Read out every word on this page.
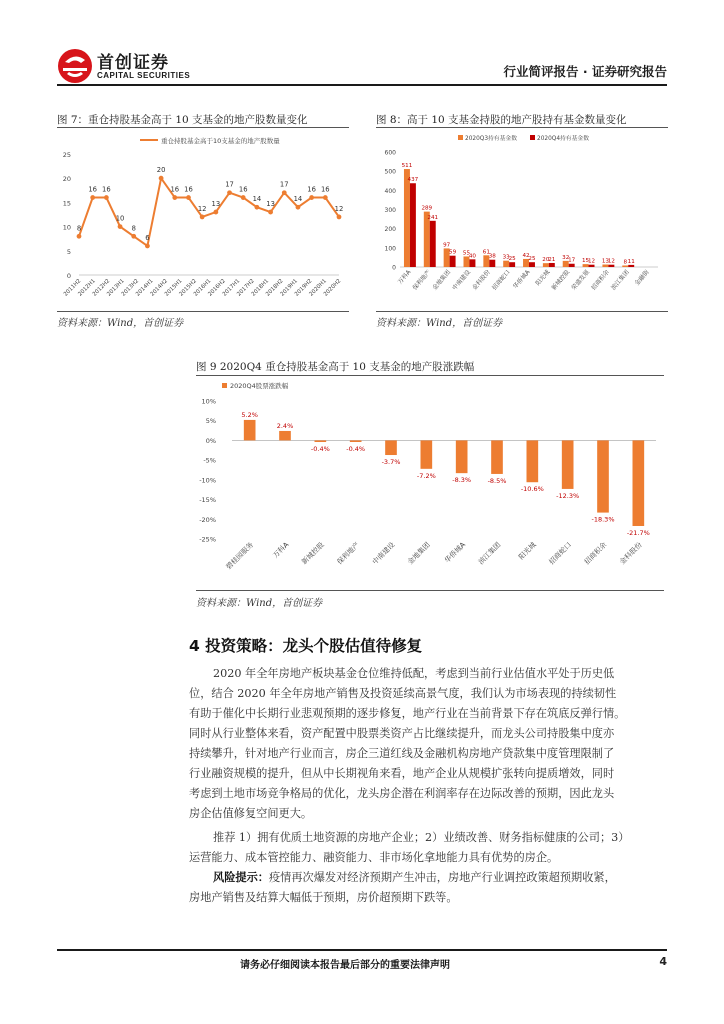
首创证券
CAPITAL SECURITIES	行业简评报告 · 证券研究报告
图 7：重仓持股基金高于 10 支基金的地产股数量变化
重仓持股基金高于10支基金的地产股数量
0
5
10
15
20
25
8
16 16
10
8
6
20
16 16
12
13
17
16
14
13
17
14
16 16
12
2011H2
2012H1
2012H2
2013H1
2013H2
2014H1
2014H2
2015H1
2015H2
2016H1
2016H2
2017H1
2017H2
2018H1
2018H2
2019H1
2019H2
2020H1
2020H2
资料来源：Wind，首创证券
图 8：高于 10 支基金持股的地产股持有基金数量变化
2020Q3持有基金数	2020Q4持有基金数
0
100
200
300
400
500
600
511
437
289
241
97
59 55
40
61
38 33
25
42
25 20
21 32
17 15
12 13
12 8 11
万科A 保利地产 金地集团 中南建设 金科股份 招商蛇口 华侨城A 阳光城 新城控股 荣盛发展 招商积余 滨江集团 金融街
资料来源：Wind，首创证券
图 9 2020Q4 重仓持股基金高于 10 支基金的地产股涨跌幅
2020Q4股票涨跌幅
10%
5%
0%
-5%
-10%
-15%
-20%
-25%
5.2%
2.4%
-0.4%	-0.4%
-3.7%
-7.2%
-8.3%	-8.5%
-10.6%
-12.3%
-18.3%
-21.7%
碧桂园服务 万科A 新城控股 保利地产 中南建设 金地集团 华侨城A 滨江集团 阳光城 招商蛇口 招商积余 金科股份
资料来源：Wind，首创证券
4 投资策略：龙头个股估值待修复
2020 年全年房地产板块基金仓位维持低配，考虑到当前行业估值水平处于历史低
位，结合 2020 年全年房地产销售及投资延续高景气度，我们认为市场表现的持续韧性
有助于催化中长期行业悲观预期的逐步修复，地产行业在当前背景下存在筑底反弹行情。
同时从行业整体来看，资产配置中股票类资产占比继续提升，而龙头公司持股集中度亦
持续攀升，针对地产行业而言，房企三道红线及金融机构房地产贷款集中度管理限制了
行业融资规模的提升，但从中长期视角来看，地产企业从规模扩张转向提质增效，同时
考虑到土地市场竞争格局的优化，龙头房企潜在利润率存在边际改善的预期，因此龙头
房企估值修复空间更大。
推荐 1）拥有优质土地资源的房地产企业；2）业绩改善、财务指标健康的公司；3）
运营能力、成本管控能力、融资能力、非市场化拿地能力具有优势的房企。
风险提示：疫情再次爆发对经济预期产生冲击，房地产行业调控政策超预期收紧，
房地产销售及结算大幅低于预期，房价超预期下跌等。
请务必仔细阅读本报告最后部分的重要法律声明	4
